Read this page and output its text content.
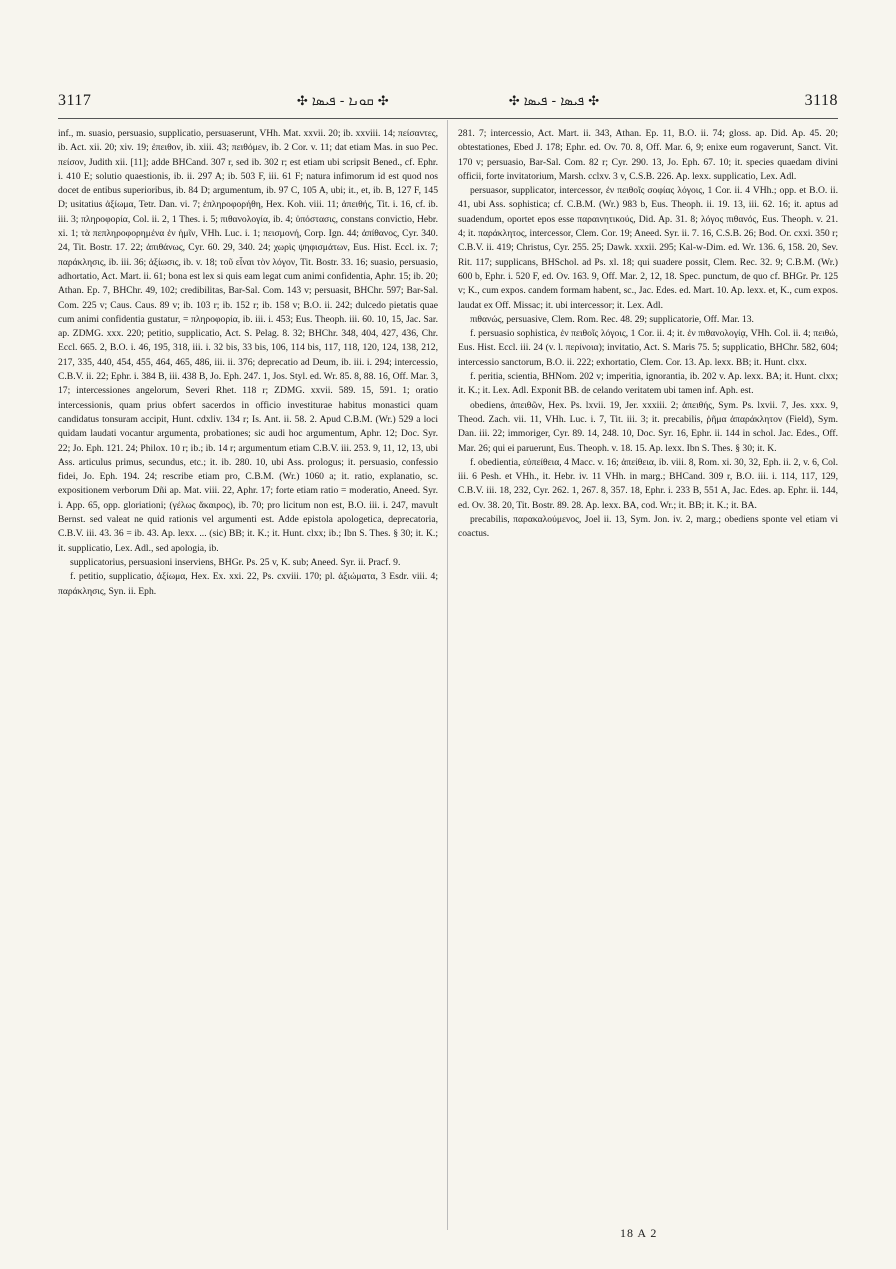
3117	✣ ܩܘܢܐ - ܦܝܣܐ ✣	✣ ܦܝܣܐ - ܦܝܣܐ ✣	3118

inf., m. suasio, persuasio, supplicatio, persuaserunt, VHh. Mat. xxvii. 20; ib. xxviii. 14; πείσαντες, ib. Act. xii. 20; xiv. 19; ἐπειθον, ib. xiii. 43; πειθόμεν, ib. 2 Cor. v. 11; dat etiam Mas. in suo Pec. πείσον, Judith xii. [11]; adde BHCand. 307 r, sed ib. 302 r; est etiam ubi scripsit Bened., cf. Ephr. i. 410 E; solutio quaestionis, ib. ii. 297 A; ib. 503 F, iii. 61 F; natura infimorum id est quod nos docet de entibus superioribus, ib. 84 D; argumentum, ib. 97 C, 105 A, ubi; it., et, ib. B, 127 F, 145 D; usitatius ἀξίωμα, Tetr. Dan. vi. 7; ἐπληροφορήθη, Hex. Koh. viii. 11; ἀπειθής, Tit. i. 16, cf. ib. iii. 3; πληροφορία, Col. ii. 2, 1 Thes. i. 5; πιθανολογία, ib. 4; ὑπόστασις, constans convictio, Hebr. xi. 1; τὰ πεπληροφορημένα ἐν ἡμῖν, VHh. Luc. i. 1; πεισμονή, Corp. Ign. 44; ἀπίθανος, Cyr. 340. 24, Tit. Bostr. 17. 22; ἀπιθάνως, Cyr. 60. 29, 340. 24; χωρὶς ψηφισμάτων, Eus. Hist. Eccl. ix. 7; παράκλησις, ib. iii. 36; ἀξίωσις, ib. v. 18; τοῦ εἶναι τὸν λόγον, Tit. Bostr. 33. 16; suasio, persuasio, adhortatio, Act. Mart. ii. 61; bona est lex si quis eam legat cum animi confidentia, Aphr. 15; ib. 20; Athan. Ep. 7, BHChr. 49, 102; credibilitas, Bar-Sal. Com. 143 v; persuasit, BHChr. 597; Bar-Sal. Com. 225 v; Caus. Caus. 89 v; ib. 103 r; ib. 152 r; ib. 158 v; B.O. ii. 242; dulcedo pietatis quae cum animi confidentia gustatur, = πληροφορία, ib. iii. i. 453; Eus. Theoph. iii. 60. 10, 15, Jac. Sar. ap. ZDMG. xxx. 220; petitio, supplicatio, Act. S. Pelag. 8. 32; BHChr. 348, 404, 427, 436, Chr. Eccl. 665. 2, B.O. i. 46, 195, 318, iii. i. 32 bis, 33 bis, 106, 114 bis, 117, 118, 120, 124, 138, 212, 217, 335, 440, 454, 455, 464, 465, 486, iii. ii. 376; deprecatio ad Deum, ib. iii. i. 294; intercessio, C.B.V. ii. 22; Ephr. i. 384 B, iii. 438 B, Jo. Eph. 247. 1, Jos. Styl. ed. Wr. 85. 8, 88. 16, Off. Mar. 3, 17; intercessiones angelorum, Severi Rhet. 118 r; ZDMG. xxvii. 589. 15, 591. 1; oratio intercessionis, quam prius obfert sacerdos in officio investiturae habitus monastici quam candidatus tonsuram accipit, Hunt. cdxliv. 134 r; Is. Ant. ii. 58. 2. Apud C.B.M. (Wr.) 529 a loci quidam laudati vocantur argumenta, probationes; sic audi hoc argumentum, Aphr. 12; Doc. Syr. 22; Jo. Eph. 121. 24; Philox. 10 r; ib.; ib. 14 r; argumentum etiam C.B.V. iii. 253. 9, 11, 12, 13, ubi Ass. articulus primus, secundus, etc.; it. ib. 280. 10, ubi Ass. prologus; it. persuasio, confessio fidei, Jo. Eph. 194. 24; rescribe etiam pro, C.B.M. (Wr.) 1060 a; it. ratio, explanatio, sc. expositionem verborum Dñi ap. Mat. viii. 22, Aphr. 17; forte etiam ratio = moderatio, Aneed. Syr. i. App. 65, opp. gloriationi; (γέλως ἄκαιρος), ib. 70; pro licitum non est, B.O. iii. i. 247, mavult Bernst. sed valeat ne quid rationis vel argumenti est. Adde epistola apologetica, deprecatoria, C.B.V. iii. 43. 36 = ib. 43. Ap. lexx. ... (sic) BB; it. K.; it. Hunt. clxx; ib.; Ibn S. Thes. § 30; it. K.; it. supplicatio, Lex. Adl., sed apologia, ib.

supplicatorius, persuasioni inserviens, BHGr. Ps. 25 v, K. sub; Aneed. Syr. ii. Pracf. 9.

f. petitio, supplicatio, ἀξίωμα, Hex. Ex. xxi. 22, Ps. cxviii. 170; pl. ἀξιώματα, 3 Esdr. viii. 4; παράκλησις, Syn. ii. Eph.

281. 7; intercessio, Act. Mart. ii. 343, Athan. Ep. 11, B.O. ii. 74; gloss. ap. Did. Ap. 45. 20; obtestationes, Ebed J. 178; Ephr. ed. Ov. 70. 8, Off. Mar. 6, 9; enixe eum rogaverunt, Sanct. Vit. 170 v; persuasio, Bar-Sal. Com. 82 r; Cyr. 290. 13, Jo. Eph. 67. 10; it. species quaedam divini officii, forte invitatorium, Marsh. cclxv. 3 v, C.S.B. 226. Ap. lexx. supplicatio, Lex. Adl.

persuasor, supplicator, intercessor, ἐν πειθοῖς σοφίας λόγοις, 1 Cor. ii. 4 VHh.; opp. et B.O. ii. 41, ubi Ass. sophistica; cf. C.B.M. (Wr.) 983 b, Eus. Theoph. ii. 19. 13, iii. 62. 16; it. aptus ad suadendum, oportet epos esse παραινητικούς, Did. Ap. 31. 8; λόγος πιθανός, Eus. Theoph. v. 21. 4; it. παράκλητος, intercessor, Clem. Cor. 19; Aneed. Syr. ii. 7. 16, C.S.B. 26; Bod. Or. cxxi. 350 r; C.B.V. ii. 419; Christus, Cyr. 255. 25; Dawk. xxxii. 295; Kal-w-Dim. ed. Wr. 136. 6, 158. 20, Sev. Rit. 117; supplicans, BHSchol. ad Ps. xl. 18; qui suadere possit, Clem. Rec. 32. 9; C.B.M. (Wr.) 600 b, Ephr. i. 520 F, ed. Ov. 163. 9, Off. Mar. 2, 12, 18. Spec. punctum, de quo cf. BHGr. Pr. 125 v; K., cum expos. candem formam habent, sc., Jac. Edes. ed. Mart. 10. Ap. lexx. et, K., cum expos. laudat ex Off. Missac; it. ubi intercessor; it. Lex. Adl.

πιθανώς, persuasive, Clem. Rom. Rec. 48. 29; supplicatorie, Off. Mar. 13.

f. persuasio sophistica, ἐν πειθοῖς λόγοις, 1 Cor. ii. 4; it. ἐν πιθανολογίᾳ, VHh. Col. ii. 4; πειθώ, Eus. Hist. Eccl. iii. 24 (v. l. περίνοια); invitatio, Act. S. Maris 75. 5; supplicatio, BHChr. 582, 604; intercessio sanctorum, B.O. ii. 222; exhortatio, Clem. Cor. 13. Ap. lexx. BB; it. Hunt. clxx.

f. peritia, scientia, BHNom. 202 v; imperitia, ignorantia, ib. 202 v. Ap. lexx. BA; it. Hunt. clxx; it. K.; it. Lex. Adl. Exponit BB. de celando veritatem ubi tamen inf. Aph. est.

obediens, ἀπειθῶν, Hex. Ps. lxvii. 19, Jer. xxxiii. 2; ἀπειθής, Sym. Ps. lxvii. 7, Jes. xxx. 9, Theod. Zach. vii. 11, VHh. Luc. i. 7, Tit. iii. 3; it. precabilis, ῥῆμα ἀπαράκλητον (Field), Sym. Dan. iii. 22; immoriger, Cyr. 89. 14, 248. 10, Doc. Syr. 16, Ephr. ii. 144 in schol. Jac. Edes., Off. Mar. 26; qui ei paruerunt, Eus. Theoph. v. 18. 15. Ap. lexx. Ibn S. Thes. § 30; it. K.

f. obedientia, εὐπείθεια, 4 Macc. v. 16; ἀπείθεια, ib. viii. 8, Rom. xi. 30, 32, Eph. ii. 2, v. 6, Col. iii. 6 Pesh. et VHh., it. Hebr. iv. 11 VHh. in marg.; BHCand. 309 r, B.O. iii. i. 114, 117, 129, C.B.V. iii. 18, 232, Cyr. 262. 1, 267. 8, 357. 18, Ephr. i. 233 B, 551 A, Jac. Edes. ap. Ephr. ii. 144, ed. Ov. 38. 20, Tit. Bostr. 89. 28. Ap. lexx. BA, cod. Wr.; it. BB; it. K.; it. BA.

precabilis, παρακαλούμενος, Joel ii. 13, Sym. Jon. iv. 2, marg.; obediens sponte vel etiam vi coactus.

18 A 2
